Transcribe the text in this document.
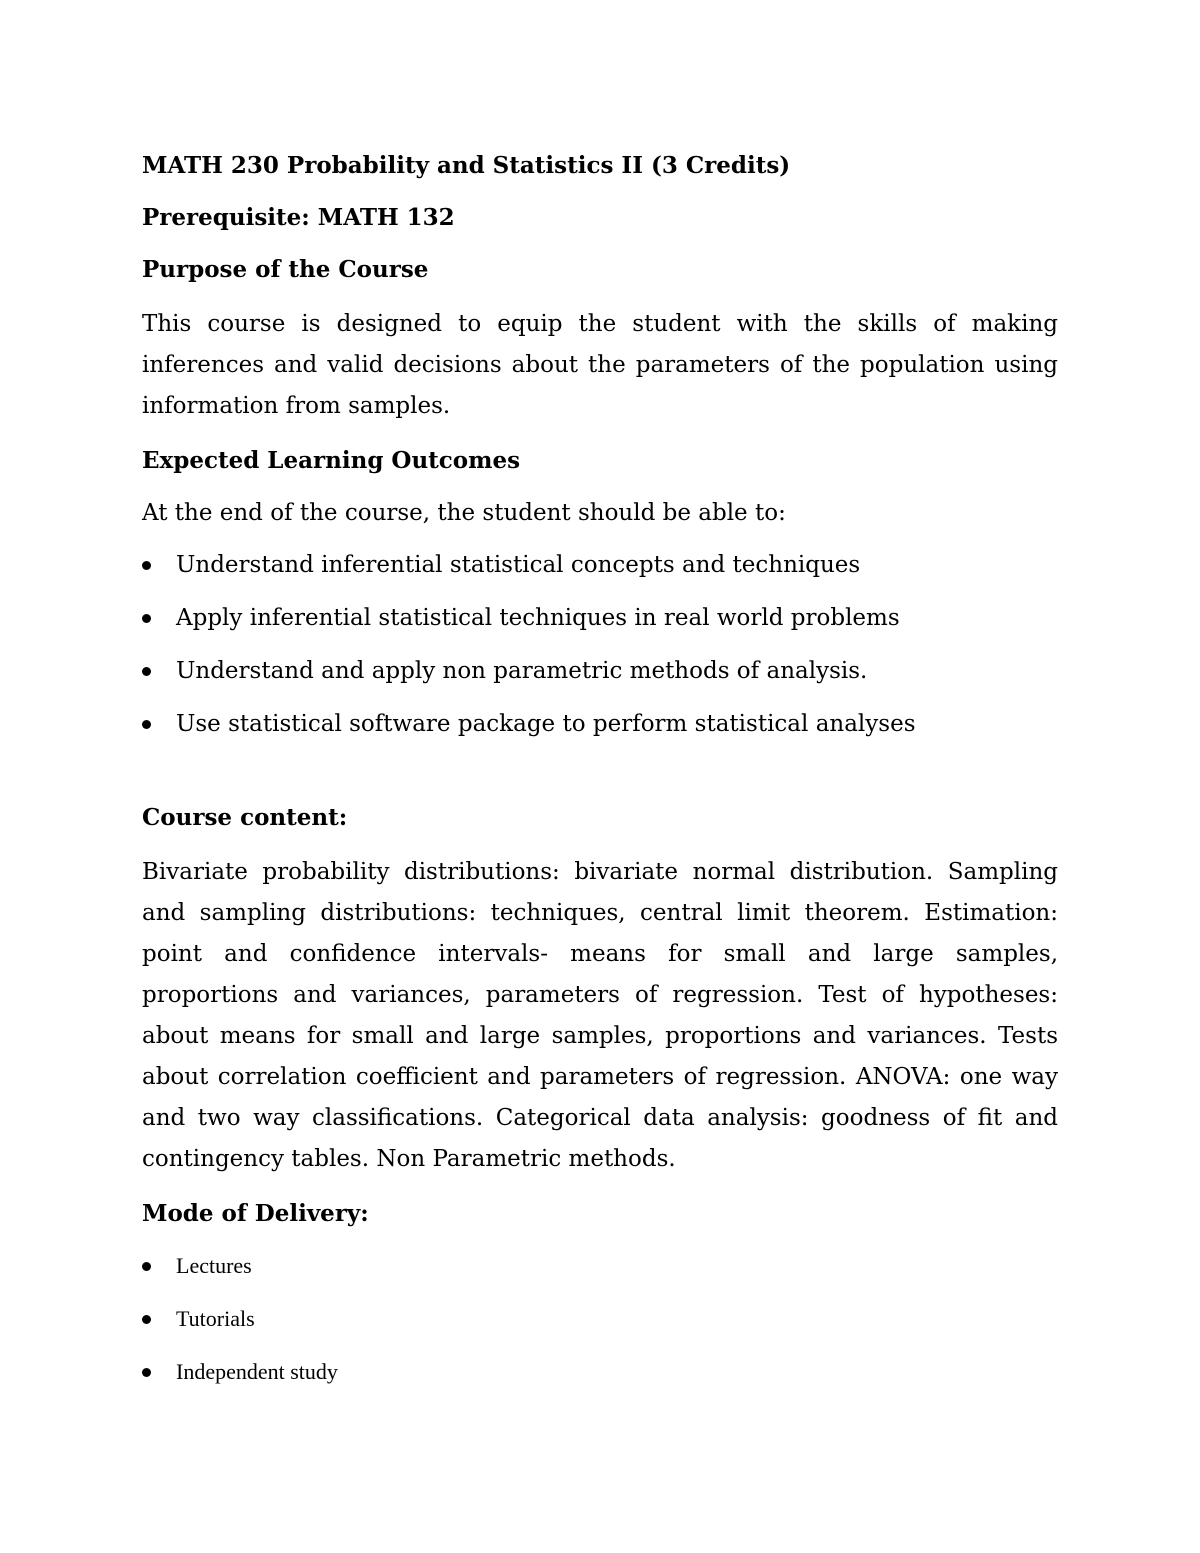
MATH 230 Probability and Statistics II (3 Credits)

Prerequisite: MATH 132

Purpose of the Course

This course is designed to equip the student with the skills of making inferences and valid decisions about the parameters of the population using information from samples.

Expected Learning Outcomes

At the end of the course, the student should be able to:

Understand inferential statistical concepts and techniques
Apply inferential statistical techniques in real world problems
Understand and apply non parametric methods of analysis.
Use statistical software package to perform statistical analyses

Course content:

Bivariate probability distributions: bivariate normal distribution. Sampling and sampling distributions: techniques, central limit theorem. Estimation: point and confidence intervals- means for small and large samples, proportions and variances, parameters of regression. Test of hypotheses: about means for small and large samples, proportions and variances. Tests about correlation coefficient and parameters of regression. ANOVA: one way and two way classifications. Categorical data analysis: goodness of fit and contingency tables. Non Parametric methods.

Mode of Delivery:

Lectures
Tutorials
Independent study
